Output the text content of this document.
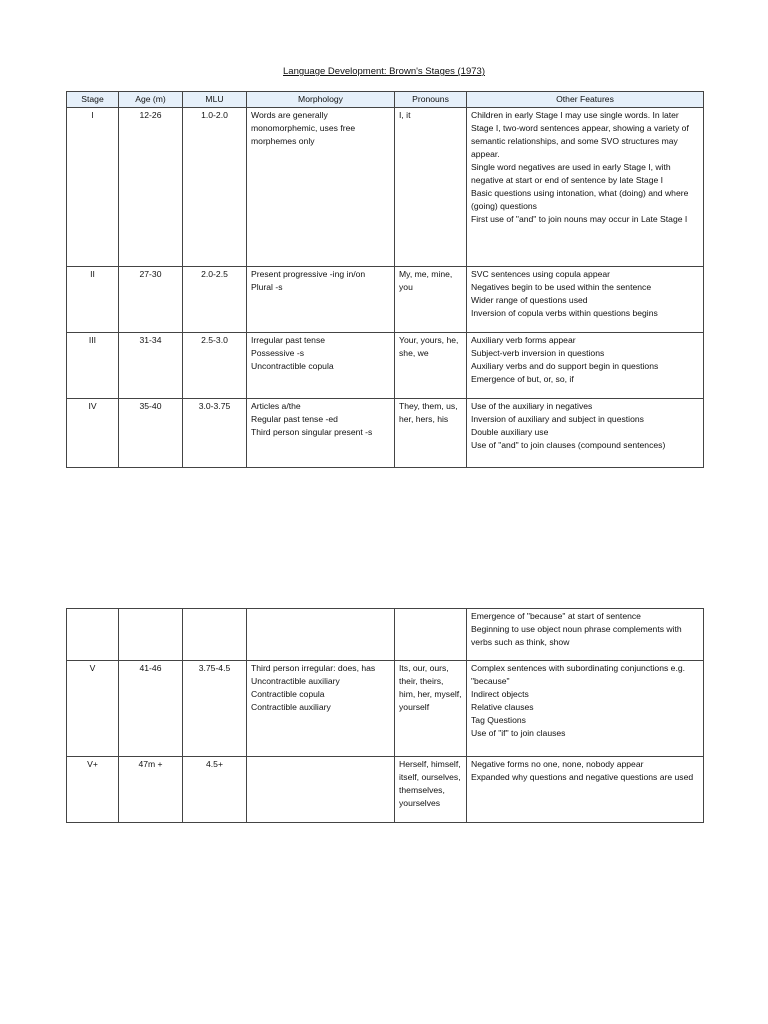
Language Development: Brown's Stages (1973)
Stage	Age (m)	MLU	Morphology	Pronouns	Other Features
I	12-26	1.0-2.0	Words are generally monomorphemic, uses free morphemes only	I, it	Children in early Stage I may use single words. In later Stage I, two-word sentences appear, showing a variety of semantic relationships, and some SVO structures may appear.
Single word negatives are used in early Stage I, with negative at start or end of sentence by late Stage I
Basic questions using intonation, what (doing) and where (going) questions
First use of "and" to join nouns may occur in Late Stage I

II	27-30	2.0-2.5	Present progressive -ing in/on
Plural -s	My, me, mine, you	SVC sentences using copula appear
Negatives begin to be used within the sentence
Wider range of questions used
Inversion of copula verbs within questions begins

III	31-34	2.5-3.0	Irregular past tense
Possessive -s
Uncontractible copula	Your, yours, he, she, we	Auxiliary verb forms appear
Subject-verb inversion in questions
Auxiliary verbs and do support begin in questions
Emergence of but, or, so, if

IV	35-40	3.0-3.75	Articles a/the
Regular past tense -ed
Third person singular present -s	They, them, us, her, hers, his	Use of the auxiliary in negatives
Inversion of auxiliary and subject in questions
Double auxiliary use
Use of "and" to join clauses (compound sentences)

					Emergence of "because" at start of sentence
Beginning to use object noun phrase complements with verbs such as think, show

V	41-46	3.75-4.5	Third person irregular: does, has
Uncontractible auxiliary
Contractible copula
Contractible auxiliary	Its, our, ours, their, theirs, him, her, myself, yourself	Complex sentences with subordinating conjunctions e.g. "because"
Indirect objects
Relative clauses
Tag Questions
Use of "if" to join clauses

V+	47m +	4.5+		Herself, himself, itself, ourselves, themselves, yourselves	Negative forms no one, none, nobody appear
Expanded why questions and negative questions are used
